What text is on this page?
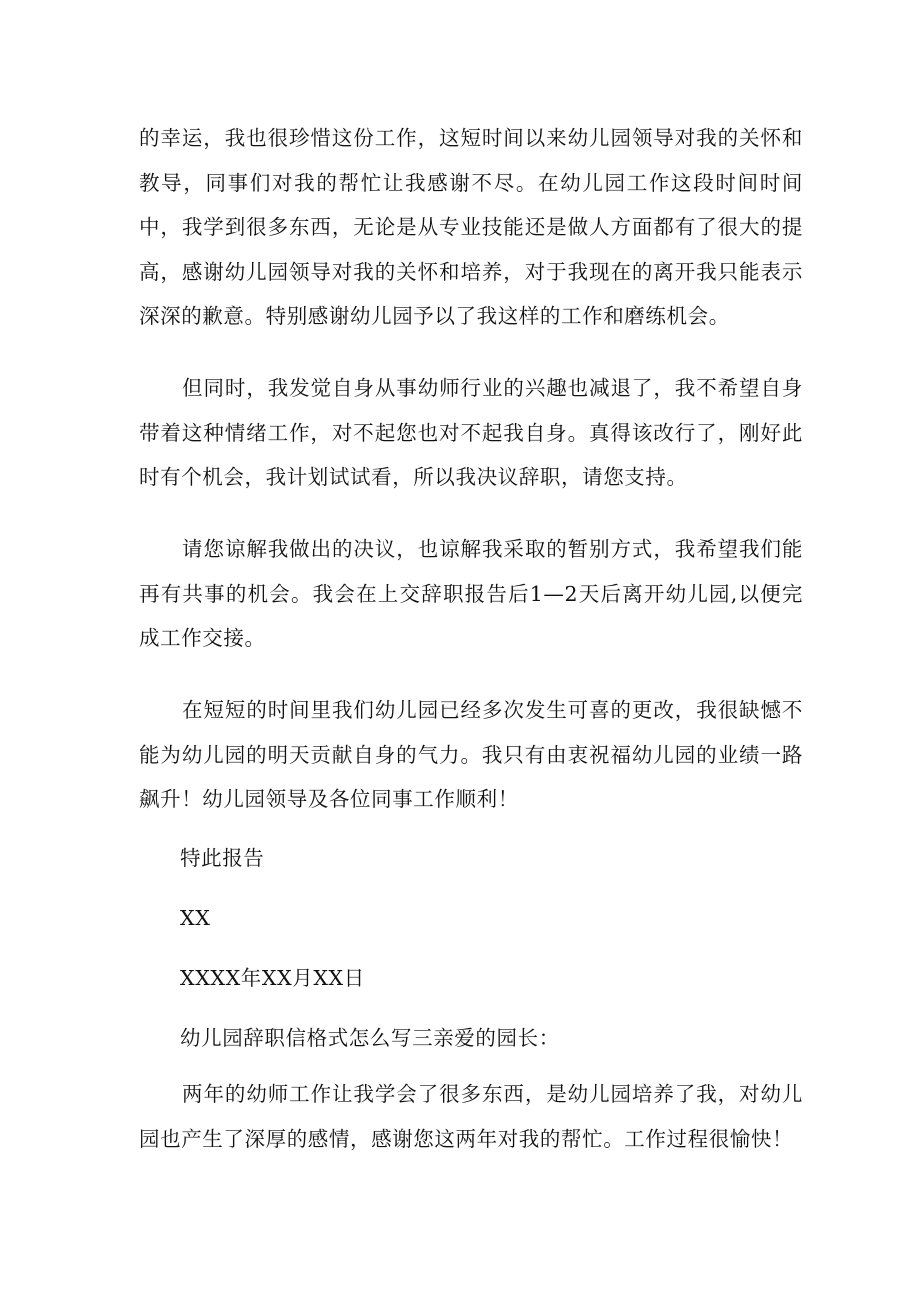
的幸运，我也很珍惜这份工作，这短时间以来幼儿园领导对我的关怀和教导，同事们对我的帮忙让我感谢不尽。在幼儿园工作这段时间时间中，我学到很多东西，无论是从专业技能还是做人方面都有了很大的提高，感谢幼儿园领导对我的关怀和培养，对于我现在的离开我只能表示深深的歉意。特别感谢幼儿园予以了我这样的工作和磨练机会。

但同时，我发觉自身从事幼师行业的兴趣也减退了，我不希望自身带着这种情绪工作，对不起您也对不起我自身。真得该改行了，刚好此时有个机会，我计划试试看，所以我决议辞职，请您支持。

请您谅解我做出的决议，也谅解我采取的暂别方式，我希望我们能再有共事的机会。我会在上交辞职报告后1—2天后离开幼儿园,以便完成工作交接。

在短短的时间里我们幼儿园已经多次发生可喜的更改，我很缺憾不能为幼儿园的明天贡献自身的气力。我只有由衷祝福幼儿园的业绩一路飙升！幼儿园领导及各位同事工作顺利！

特此报告

XX

XXXX年XX月XX日

幼儿园辞职信格式怎么写三亲爱的园长：

两年的幼师工作让我学会了很多东西，是幼儿园培养了我，对幼儿园也产生了深厚的感情，感谢您这两年对我的帮忙。工作过程很愉快！
